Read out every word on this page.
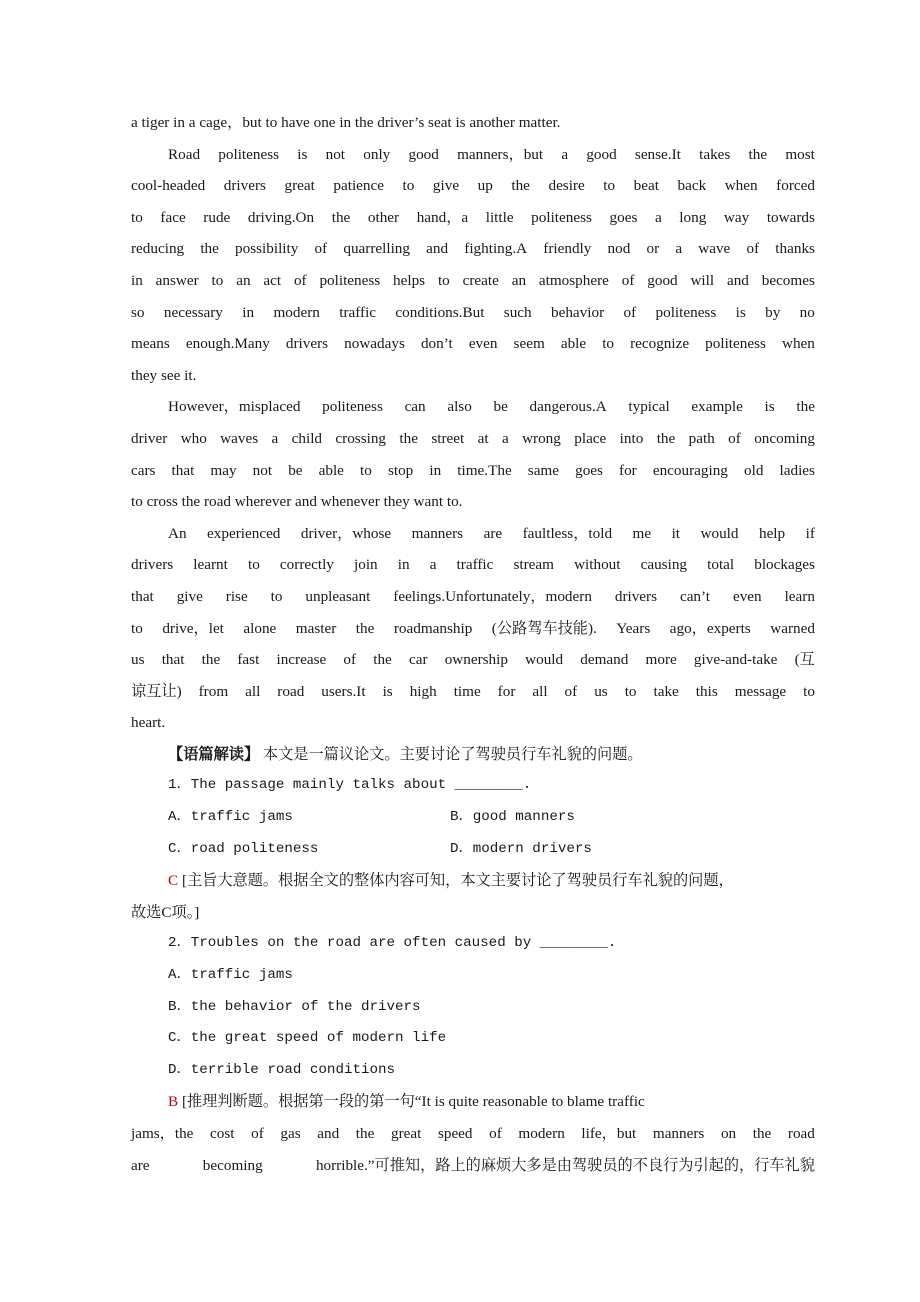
a tiger in a cage，but to have one in the driver’s seat is another matter.
Road politeness is not only good manners，but a good sense.It takes the most
cool-headed drivers great patience to give up the desire to beat back when forced
to face rude driving.On the other hand，a little politeness goes a long way towards
reducing the possibility of quarrelling and fighting.A friendly nod or a wave of thanks
in answer to an act of politeness helps to create an atmosphere of good will and becomes
so necessary in modern traffic conditions.But such behavior of politeness is by no
means enough.Many drivers nowadays don’t even seem able to recognize politeness when
they see it.
However，misplaced politeness can also be dangerous.A typical example is the
driver who waves a child crossing the street at a wrong place into the path of oncoming
cars that may not be able to stop in time.The same goes for encouraging old ladies
to cross the road wherever and whenever they want to.
An experienced driver，whose manners are faultless，told me it would help if
drivers learnt to correctly join in a traffic stream without causing total blockages
that give rise to unpleasant feelings.Unfortunately，modern drivers can’t even learn
to drive，let alone master the roadmanship (公路驾车技能). Years ago，experts warned
us that the fast increase of the car ownership would demand more give-and-take (互
谅互让) from all road users.It is high time for all of us to take this message to
heart.
【语篇解读】 本文是一篇议论文。主要讨论了驾驶员行车礼貌的问题。
1．The passage mainly talks about ________.
A．traffic jams	B．good manners
C．road politeness	D．modern drivers
C [主旨大意题。根据全文的整体内容可知，本文主要讨论了驾驶员行车礼貌的问题，
故选C项。]
2．Troubles on the road are often caused by ________.
A．traffic jams
B．the behavior of the drivers
C．the great speed of modern life
D．terrible road conditions
B [推理判断题。根据第一段的第一句“It is quite reasonable to blame traffic
jams，the cost of gas and the great speed of modern life，but manners on the road
are	becoming	horrible.”可推知，路上的麻烦大多是由驾驶员的不良行为引起的，行车礼貌
